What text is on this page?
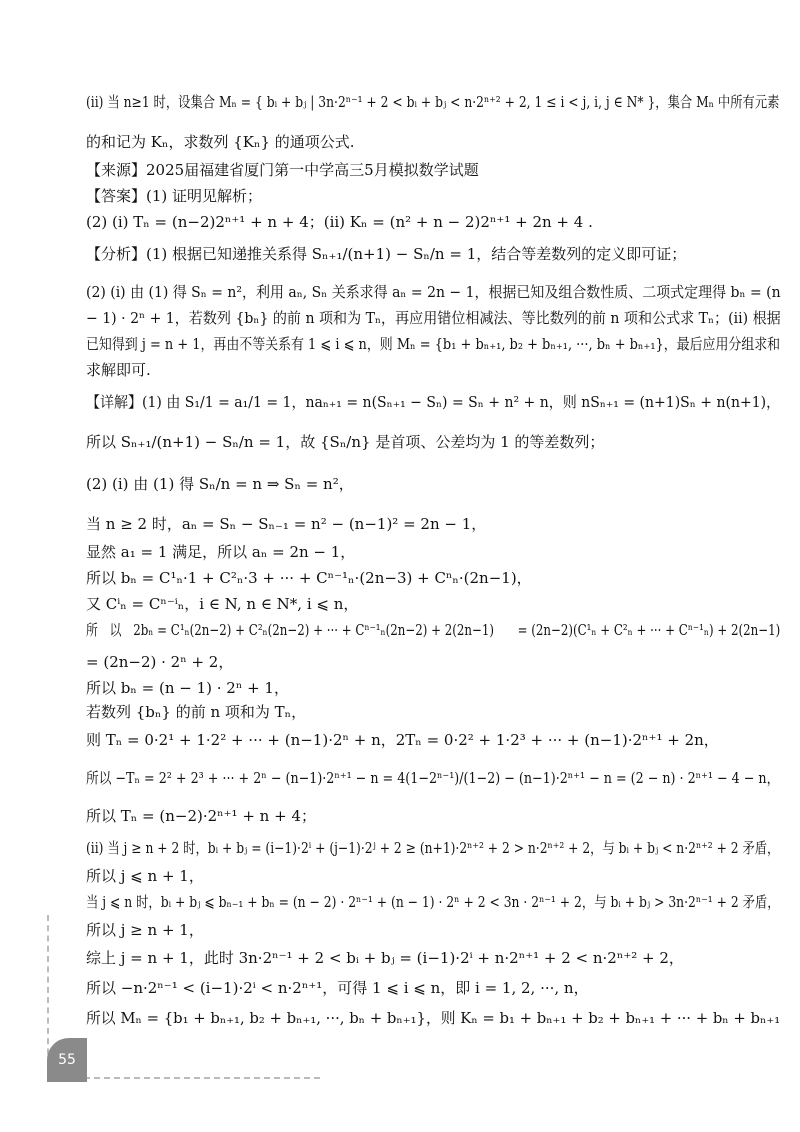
(ii) 当 n≥1 时，设集合 Mₙ = { bᵢ + bⱼ | 3n·2ⁿ⁻¹ + 2 < bᵢ + bⱼ < n·2ⁿ⁺² + 2, 1 ≤ i < j, i, j ∈ N* }，集合 Mₙ 中所有元素
的和记为 Kₙ，求数列 {Kₙ} 的通项公式.
【来源】2025届福建省厦门第一中学高三5月模拟数学试题
【答案】(1) 证明见解析；
(2) (i) Tₙ = (n−2)2ⁿ⁺¹ + n + 4；(ii) Kₙ = (n² + n − 2)2ⁿ⁺¹ + 2n + 4 .
【分析】(1) 根据已知递推关系得 Sₙ₊₁/(n+1) − Sₙ/n = 1，结合等差数列的定义即可证；
(2) (i) 由 (1) 得 Sₙ = n²，利用 aₙ, Sₙ 关系求得 aₙ = 2n − 1，根据已知及组合数性质、二项式定理得 bₙ = (n
− 1) · 2ⁿ + 1，若数列 {bₙ} 的前 n 项和为 Tₙ，再应用错位相减法、等比数列的前 n 项和公式求 Tₙ；(ii) 根据
已知得到 j = n + 1，再由不等关系有 1 ⩽ i ⩽ n，则 Mₙ = {b₁ + bₙ₊₁, b₂ + bₙ₊₁, ···, bₙ + bₙ₊₁}，最后应用分组求和
求解即可.
【详解】(1) 由 S₁/1 = a₁/1 = 1，naₙ₊₁ = n(Sₙ₊₁ − Sₙ) = Sₙ + n² + n，则 nSₙ₊₁ = (n+1)Sₙ + n(n+1)，
所以 Sₙ₊₁/(n+1) − Sₙ/n = 1，故 {Sₙ/n} 是首项、公差均为 1 的等差数列；
(2) (i) 由 (1) 得 Sₙ/n = n ⇒ Sₙ = n²，
当 n ≥ 2 时，aₙ = Sₙ − Sₙ₋₁ = n² − (n−1)² = 2n − 1，
显然 a₁ = 1 满足，所以 aₙ = 2n − 1，
所以 bₙ = C¹ₙ·1 + C²ₙ·3 + ··· + Cⁿ⁻¹ₙ·(2n−3) + Cⁿₙ·(2n−1)，
又 Cⁱₙ = Cⁿ⁻ⁱₙ，i ∈ N, n ∈ N*, i ⩽ n，
所　以　2bₙ = C¹ₙ(2n−2) + C²ₙ(2n−2) + ··· + Cⁿ⁻¹ₙ(2n−2) + 2(2n−1)　　= (2n−2)(C¹ₙ + C²ₙ + ··· + Cⁿ⁻¹ₙ) + 2(2n−1)
= (2n−2) · 2ⁿ + 2，
所以 bₙ = (n − 1) · 2ⁿ + 1，
若数列 {bₙ} 的前 n 项和为 Tₙ，
则 Tₙ = 0·2¹ + 1·2² + ··· + (n−1)·2ⁿ + n，2Tₙ = 0·2² + 1·2³ + ··· + (n−1)·2ⁿ⁺¹ + 2n，
所以 −Tₙ = 2² + 2³ + ··· + 2ⁿ − (n−1)·2ⁿ⁺¹ − n = 4(1−2ⁿ⁻¹)/(1−2) − (n−1)·2ⁿ⁺¹ − n = (2 − n) · 2ⁿ⁺¹ − 4 − n，
所以 Tₙ = (n−2)·2ⁿ⁺¹ + n + 4；
(ii) 当 j ≥ n + 2 时，bᵢ + bⱼ = (i−1)·2ⁱ + (j−1)·2ʲ + 2 ≥ (n+1)·2ⁿ⁺² + 2 > n·2ⁿ⁺² + 2，与 bᵢ + bⱼ < n·2ⁿ⁺² + 2 矛盾，
所以 j ⩽ n + 1，
当 j ⩽ n 时，bᵢ + bⱼ ⩽ bₙ₋₁ + bₙ = (n − 2) · 2ⁿ⁻¹ + (n − 1) · 2ⁿ + 2 < 3n · 2ⁿ⁻¹ + 2，与 bᵢ + bⱼ > 3n·2ⁿ⁻¹ + 2 矛盾，
所以 j ≥ n + 1，
综上 j = n + 1，此时 3n·2ⁿ⁻¹ + 2 < bᵢ + bⱼ = (i−1)·2ⁱ + n·2ⁿ⁺¹ + 2 < n·2ⁿ⁺² + 2，
所以 −n·2ⁿ⁻¹ < (i−1)·2ⁱ < n·2ⁿ⁺¹，可得 1 ⩽ i ⩽ n，即 i = 1, 2, ···, n，
所以 Mₙ = {b₁ + bₙ₊₁, b₂ + bₙ₊₁, ···, bₙ + bₙ₊₁}，则 Kₙ = b₁ + bₙ₊₁ + b₂ + bₙ₊₁ + ··· + bₙ + bₙ₊₁
55
